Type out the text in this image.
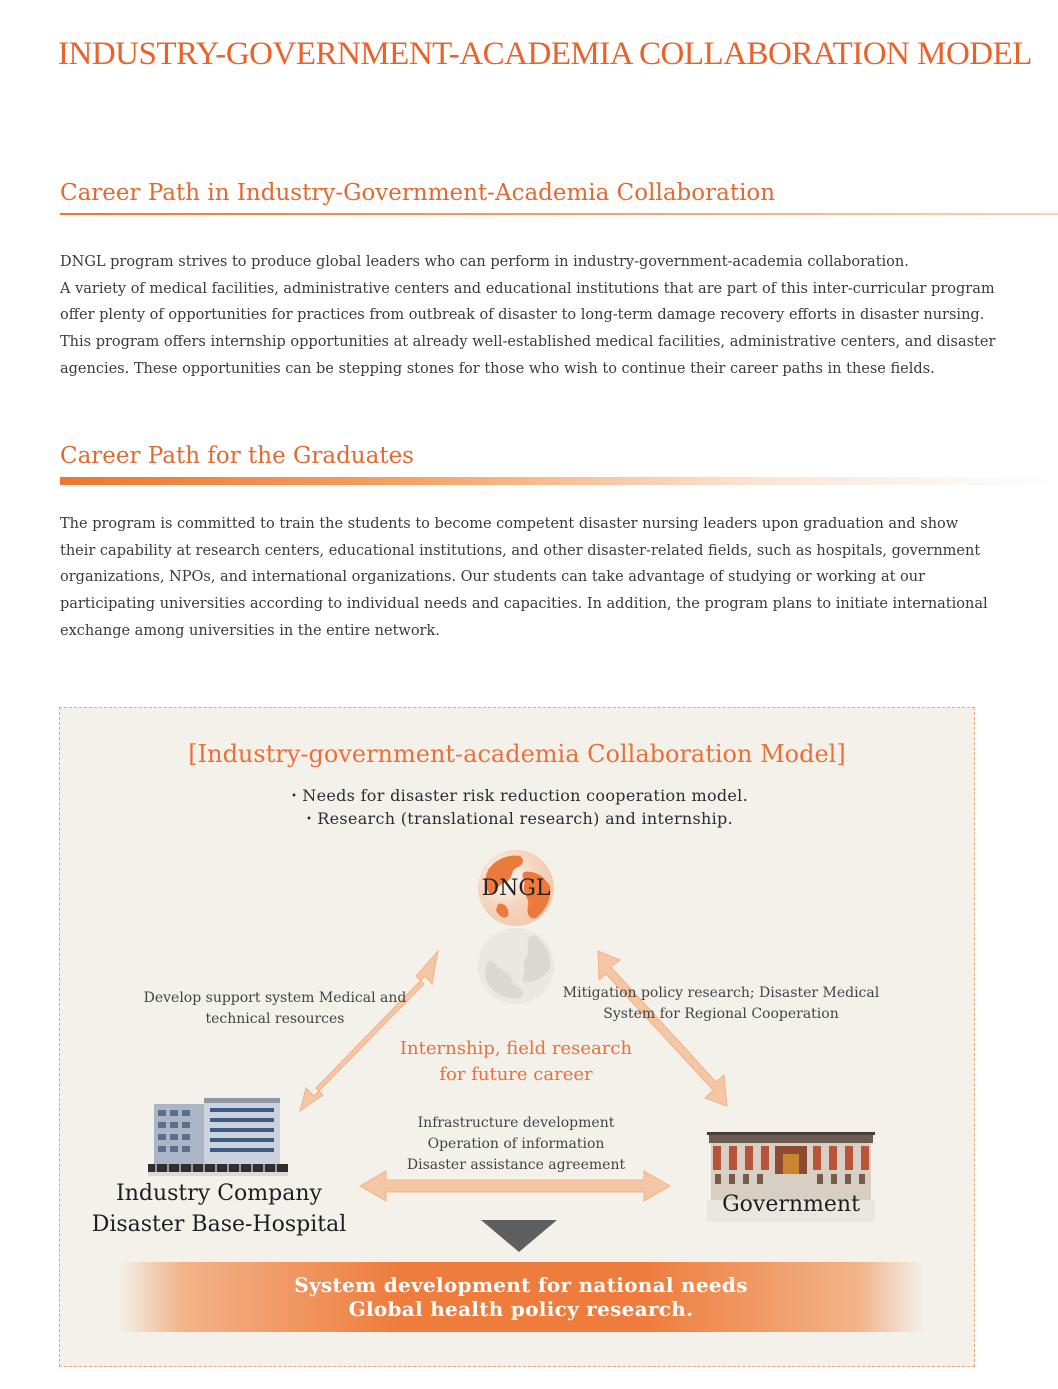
INDUSTRY-GOVERNMENT-ACADEMIA COLLABORATION MODEL
Career Path in Industry-Government-Academia Collaboration

DNGL program strives to produce global leaders who can perform in industry-government-academia collaboration.
A variety of medical facilities, administrative centers and educational institutions that are part of this inter-curricular program
offer plenty of opportunities for practices from outbreak of disaster to long-term damage recovery efforts in disaster nursing.
This program offers internship opportunities at already well-established medical facilities, administrative centers, and disaster
agencies. These opportunities can be stepping stones for those who wish to continue their career paths in these fields.

Career Path for the Graduates

The program is committed to train the students to become competent disaster nursing leaders upon graduation and show
their capability at research centers, educational institutions, and other disaster-related fields, such as hospitals, government
organizations, NPOs, and international organizations. Our students can take advantage of studying or working at our
participating universities according to individual needs and capacities. In addition, the program plans to initiate international
exchange among universities in the entire network.

[Industry-government-academia Collaboration Model]
・Needs for disaster risk reduction cooperation model.
・Research (translational research) and internship.
DNGL
Develop support system Medical and
technical resources
Mitigation policy research; Disaster Medical
System for Regional Cooperation
Internship, field research
for future career
Infrastructure development
Operation of information
Disaster assistance agreement
Industry Company
Disaster Base-Hospital
Government
System development for national needs
Global health policy research.
